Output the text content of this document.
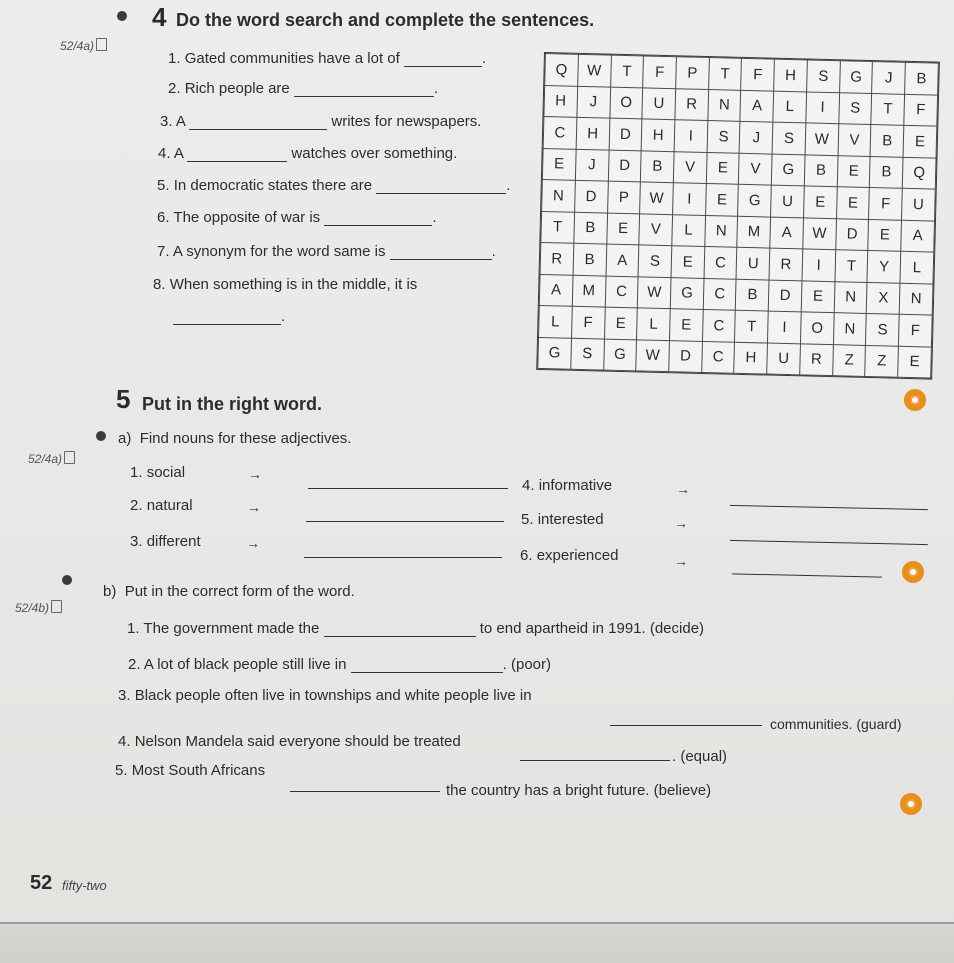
4 Do the word search and complete the sentences.
52/4a)
1. Gated communities have a lot of	.
2. Rich people are	.
3. A	writes for newspapers.
4. A	watches over something.
5. In democratic states there are	.
6. The opposite of war is	.
7. A synonym for the word same is	.
8. When something is in the middle, it is
.
Q	W	T	F	P	T	F	H	S	G	J	B
H	J	O	U	R	N	A	L	I	S	T	F
C	H	D	H	I	S	J	S	W	V	B	E
E	J	D	B	V	E	V	G	B	E	B	Q
N	D	P	W	I	E	G	U	E	E	F	U
T	B	E	V	L	N	M	A	W	D	E	A
R	B	A	S	E	C	U	R	I	T	Y	L
A	M	C	W	G	C	B	D	E	N	X	N
L	F	E	L	E	C	T	I	O	N	S	F
G	S	G	W	D	C	H	U	R	Z	Z	E
5 Put in the right word.
a) Find nouns for these adjectives.
52/4a)
1. social	→
2. natural	→
3. different	→
4. informative	→
5. interested	→
6. experienced	→
b) Put in the correct form of the word.
52/4b)
1. The government made the	to end apartheid in 1991. (decide)
2. A lot of black people still live in	. (poor)
3. Black people often live in townships and white people live in
communities. (guard)
4. Nelson Mandela said everyone should be treated
. (equal)
5. Most South Africans
the country has a bright future. (believe)
52 fifty-two
